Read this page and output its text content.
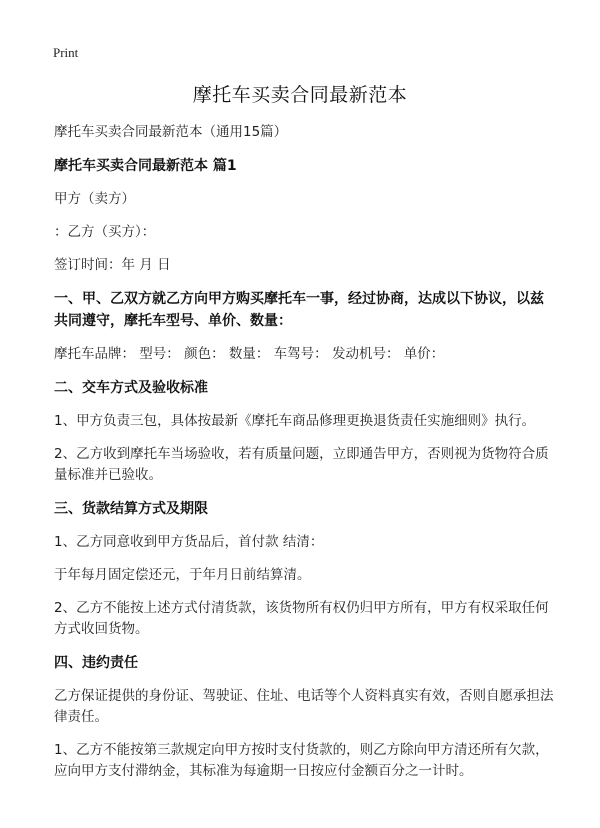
Print
摩托车买卖合同最新范本

摩托车买卖合同最新范本（通用15篇）

摩托车买卖合同最新范本 篇1

甲方（卖方）

：乙方（买方）：

签订时间：年 月 日

一、甲、乙双方就乙方向甲方购买摩托车一事，经过协商，达成以下协议，以兹共同遵守，摩托车型号、单价、数量：

摩托车品牌： 型号： 颜色： 数量： 车驾号： 发动机号： 单价：

二、交车方式及验收标准

1、甲方负责三包，具体按最新《摩托车商品修理更换退货责任实施细则》执行。

2、乙方收到摩托车当场验收，若有质量问题，立即通告甲方，否则视为货物符合质量标准并已验收。

三、货款结算方式及期限

1、乙方同意收到甲方货品后，首付款 结清：

于年每月固定偿还元，于年月日前结算清。

2、乙方不能按上述方式付清货款，该货物所有权仍归甲方所有，甲方有权采取任何方式收回货物。

四、违约责任

乙方保证提供的身份证、驾驶证、住址、电话等个人资料真实有效，否则自愿承担法律责任。

1、乙方不能按第三款规定向甲方按时支付货款的，则乙方除向甲方清还所有欠款，应向甲方支付滞纳金，其标准为每逾期一日按应付金额百分之一计时。
